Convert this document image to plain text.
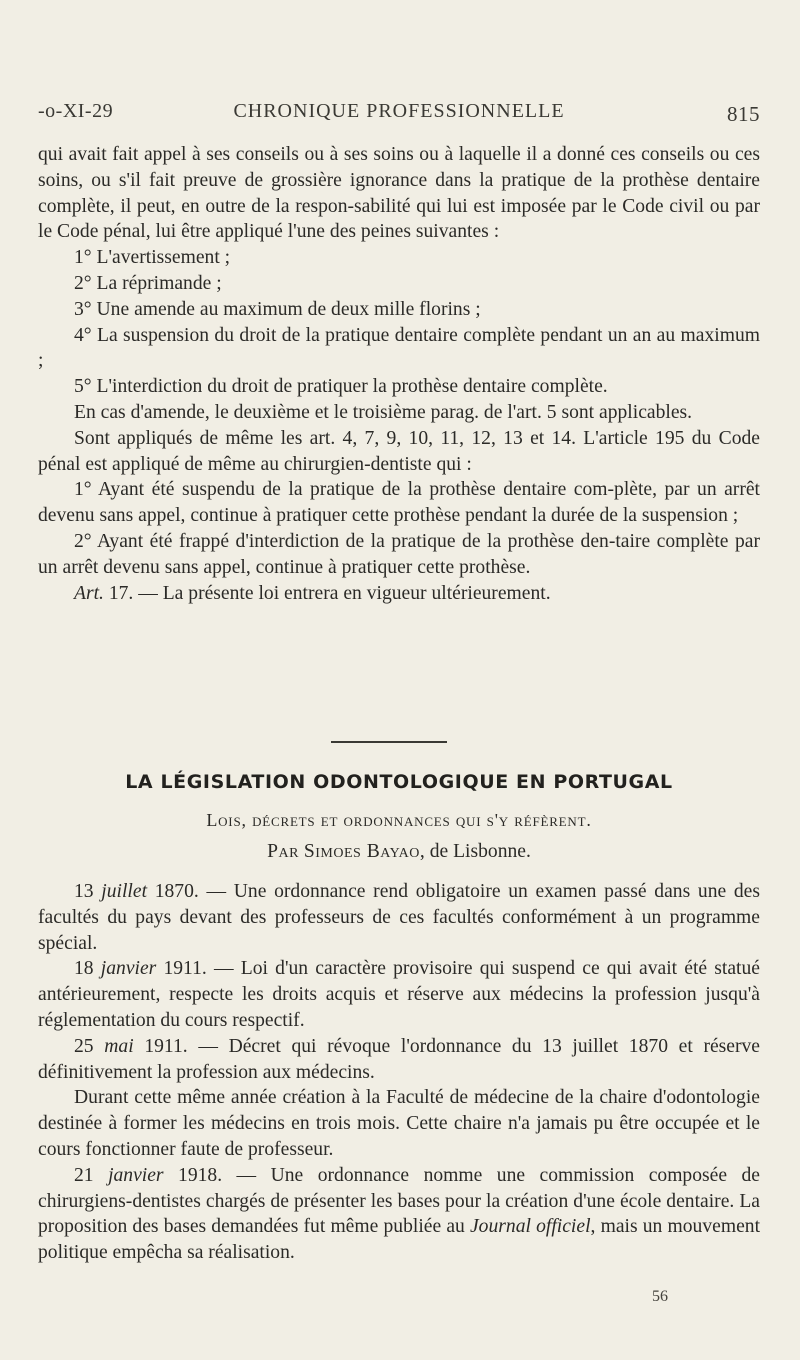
-o-XI-29	CHRONIQUE PROFESSIONNELLE	815

qui avait fait appel à ses conseils ou à ses soins ou à laquelle il a donné ces conseils ou ces soins, ou s'il fait preuve de grossière ignorance dans la pratique de la prothèse dentaire complète, il peut, en outre de la respon-sabilité qui lui est imposée par le Code civil ou par le Code pénal, lui être appliqué l'une des peines suivantes :

1° L'avertissement ;

2° La réprimande ;

3° Une amende au maximum de deux mille florins ;

4° La suspension du droit de la pratique dentaire complète pendant un an au maximum ;

5° L'interdiction du droit de pratiquer la prothèse dentaire complète.

En cas d'amende, le deuxième et le troisième parag. de l'art. 5 sont applicables.

Sont appliqués de même les art. 4, 7, 9, 10, 11, 12, 13 et 14. L'article 195 du Code pénal est appliqué de même au chirurgien-dentiste qui :

1° Ayant été suspendu de la pratique de la prothèse dentaire com-plète, par un arrêt devenu sans appel, continue à pratiquer cette prothèse pendant la durée de la suspension ;

2° Ayant été frappé d'interdiction de la pratique de la prothèse den-taire complète par un arrêt devenu sans appel, continue à pratiquer cette prothèse.

Art. 17. — La présente loi entrera en vigueur ultérieurement.

LA LÉGISLATION ODONTOLOGIQUE EN PORTUGAL
Lois, décrets et ordonnances qui s'y réfèrent.
Par Simoes Bayao, de Lisbonne.

13 juillet 1870. — Une ordonnance rend obligatoire un examen passé dans une des facultés du pays devant des professeurs de ces facultés conformément à un programme spécial.

18 janvier 1911. — Loi d'un caractère provisoire qui suspend ce qui avait été statué antérieurement, respecte les droits acquis et réserve aux médecins la profession jusqu'à réglementation du cours respectif.

25 mai 1911. — Décret qui révoque l'ordonnance du 13 juillet 1870 et réserve définitivement la profession aux médecins.

Durant cette même année création à la Faculté de médecine de la chaire d'odontologie destinée à former les médecins en trois mois. Cette chaire n'a jamais pu être occupée et le cours fonctionner faute de professeur.

21 janvier 1918. — Une ordonnance nomme une commission composée de chirurgiens-dentistes chargés de présenter les bases pour la création d'une école dentaire. La proposition des bases demandées fut même publiée au Journal officiel, mais un mouvement politique empêcha sa réalisation.

56
